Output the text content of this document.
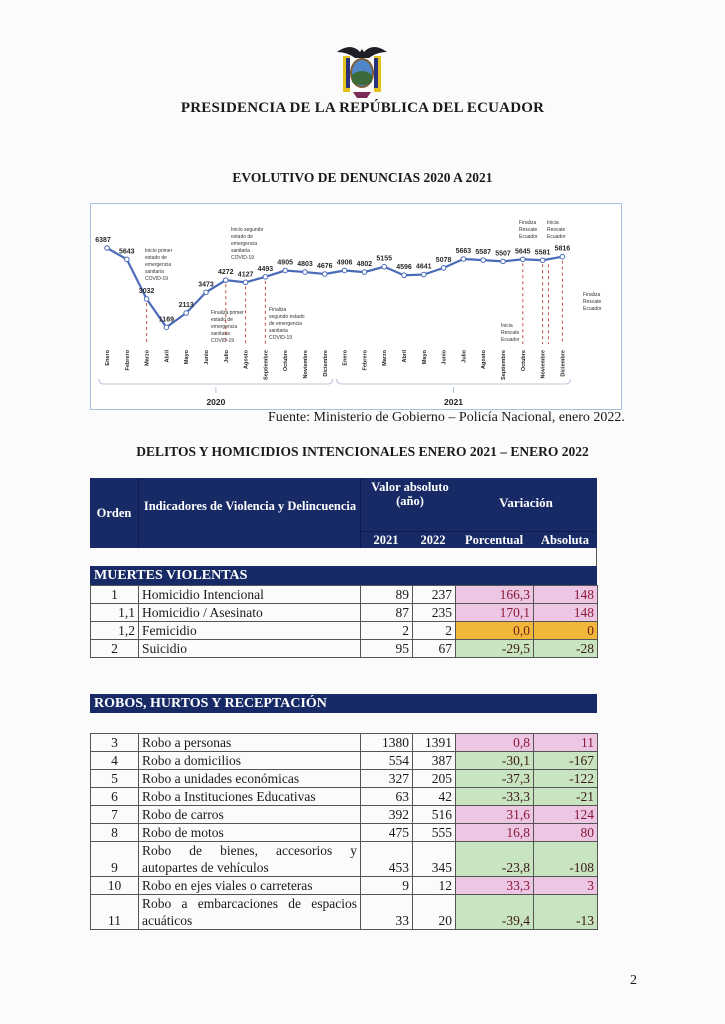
PRESIDENCIA DE LA REPÚBLICA DEL ECUADOR
EVOLUTIVO DE DENUNCIAS 2020 A 2021
6387
5643
3032
1169
2113
3473
4272 4127
4493
4905 4803 4676 4906 4802
5155
4596 4641
5078
5663 5587 5507 5645 5581
5816
Inicio primer
estado de
emergencia
sanitaria
COVID-19
Finaliza primer
estado de
emergencia
sanitaria
COVID-19
Inicio segundo
estado de
emergencia
sanitaria
COVID-19
Finaliza
segundo estado
de emergencia
sanitaria
COVID-19
Inicia
Rescate
Ecuador
Finaliza
Rescate
Ecuador
Inicia
Rescate
Ecuador
Finaliza
Rescate
Ecuador
Enero	Febrero	Marzo	Abril	Mayo	Junio	Julio	Agosto	Septiembre	Octubre	Noviembre	Diciembre	Enero	Febrero	Marzo	Abril	Mayo	Junio	Julio	Agosto	Septiembre	Octubre	Noviembre	Diciembre
2020	2021
Fuente: Ministerio de Gobierno – Policía Nacional, enero 2022.
DELITOS Y HOMICIDIOS INTENCIONALES ENERO 2021 – ENERO 2022
Orden	Indicadores de Violencia y Delincuencia
Valor absoluto (año)	Variación
2021	2022	Porcentual	Absoluta
MUERTES VIOLENTAS
1	Homicidio Intencional	89	237	166,3	148
1,1	Homicidio / Asesinato	87	235	170,1	148
1,2	Femicidio	2	2	0,0	0
2	Suicidio	95	67	-29,5	-28
ROBOS, HURTOS Y RECEPTACIÓN
3	Robo a personas	1380	1391	0,8	11
4	Robo a domicilios	554	387	-30,1	-167
5	Robo a unidades económicas	327	205	-37,3	-122
6	Robo a Instituciones Educativas	63	42	-33,3	-21
7	Robo de carros	392	516	31,6	124
8	Robo de motos	475	555	16,8	80
9	Robo de bienes, accesorios y autopartes de vehículos	453	345	-23,8	-108
10	Robo en ejes viales o carreteras	9	12	33,3	3
11	Robo a embarcaciones de espacios acuáticos	33	20	-39,4	-13
2
